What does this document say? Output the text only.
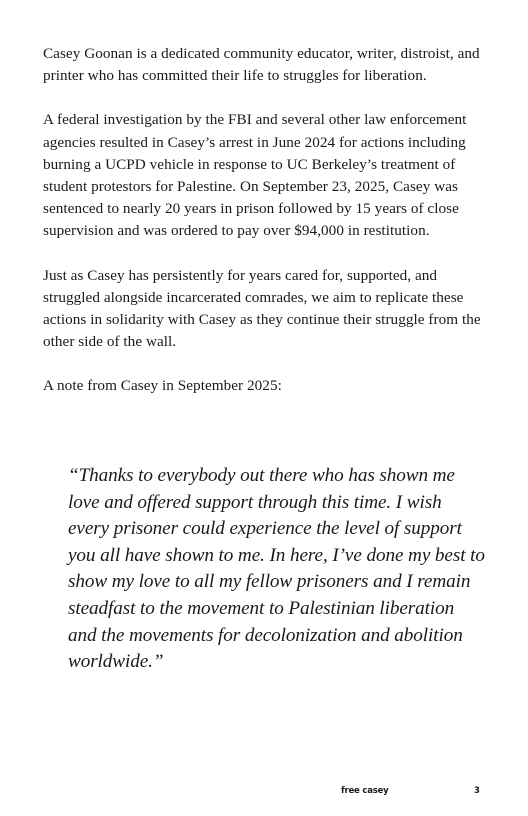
Casey Goonan is a dedicated community educator, writer, distroist, and printer who has committed their life to struggles for liberation.

A federal investigation by the FBI and several other law enforcement agencies resulted in Casey’s arrest in June 2024 for actions including burning a UCPD vehicle in response to UC Berkeley’s treatment of student protestors for Palestine. On September 23, 2025, Casey was sentenced to nearly 20 years in prison followed by 15 years of close supervision and was ordered to pay over $94,000 in restitution.

Just as Casey has persistently for years cared for, supported, and struggled alongside incarcerated comrades, we aim to replicate these actions in solidarity with Casey as they continue their struggle from the other side of the wall.

A note from Casey in September 2025:

“Thanks to everybody out there who has shown me love and offered support through this time. I wish every prisoner could experience the level of support you all have shown to me. In here, I’ve done my best to show my love to all my fellow prisoners and I remain steadfast to the movement to Palestinian liberation and the movements for decolonization and abolition worldwide.”

free casey	3
